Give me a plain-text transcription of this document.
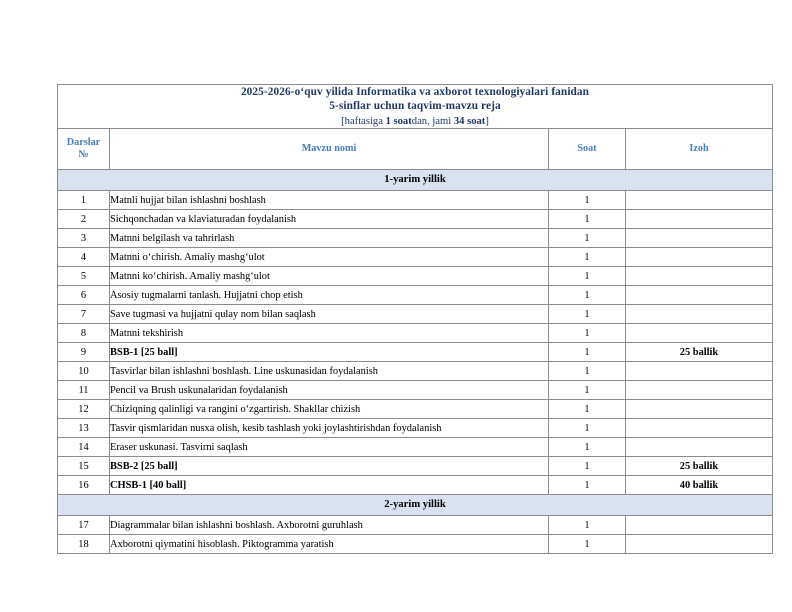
2025-2026-oʻquv yilida Informatika va axborot texnologiyalari fanidan
5-sinflar uchun taqvim-mavzu reja
[haftasiga 1 soatdan, jami 34 soat]			

Darslar
№	Mavzu nomi	Soat	Izoh
1-yarim yillik			
1	Matnli hujjat bilan ishlashni boshlash	1	
2	Sichqonchadan va klaviaturadan foydalanish	1	
3	Matnni belgilash va tahrirlash	1	
4	Matnni oʻchirish. Amaliy mashgʻulot	1	
5	Matnni koʻchirish. Amaliy mashgʻulot	1	
6	Asosiy tugmalarni tanlash. Hujjatni chop etish	1	
7	Save tugmasi va hujjatni qulay nom bilan saqlash	1	
8	Matnni tekshirish	1	
9	BSB-1 [25 ball]	1	25 ballik
10	Tasvirlar bilan ishlashni boshlash. Line uskunasidan foydalanish	1	
11	Pencil va Brush uskunalaridan foydalanish	1	
12	Chiziqning qalinligi va rangini oʻzgartirish. Shakllar chizish	1	
13	Tasvir qismlaridan nusxa olish, kesib tashlash yoki joylashtirishdan foydalanish	1	
14	Eraser uskunasi. Tasvirni saqlash	1	
15	BSB-2 [25 ball]	1	25 ballik
16	CHSB-1 [40 ball]	1	40 ballik
2-yarim yillik			
17	Diagrammalar bilan ishlashni boshlash. Axborotni guruhlash	1	
18	Axborotni qiymatini hisoblash. Piktogramma yaratish	1	
